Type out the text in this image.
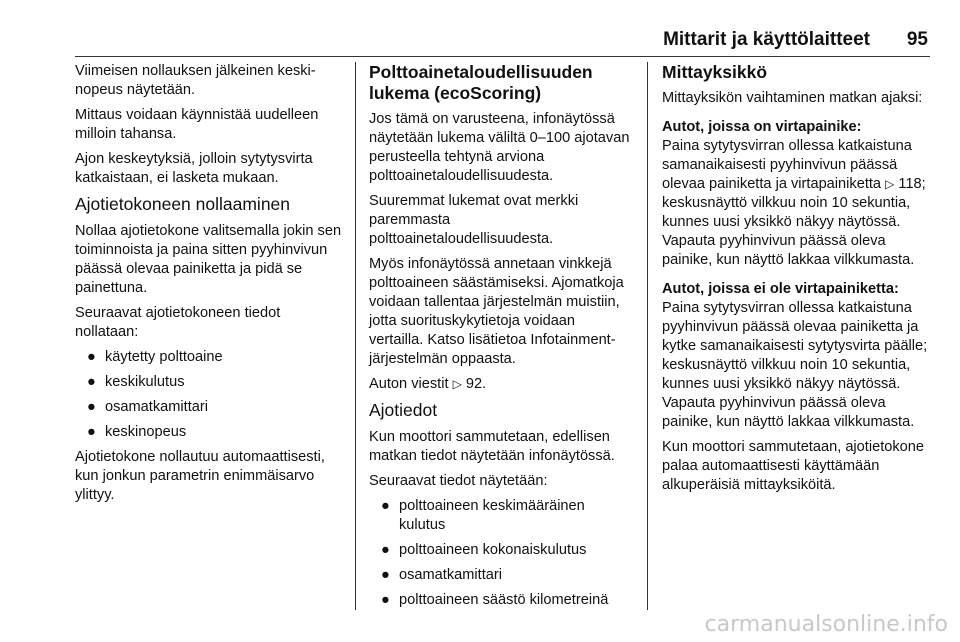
Mittarit ja käyttölaitteet 95

Viimeisen nollauksen jälkeinen keski-nopeus näytetään.

Mittaus voidaan käynnistää uudelleen milloin tahansa.

Ajon keskeytyksiä, jolloin sytytysvirta katkaistaan, ei lasketa mukaan.

Ajotietokoneen nollaaminen

Nollaa ajotietokone valitsemalla jokin sen toiminnoista ja paina sitten pyyhinvivun päässä olevaa painiketta ja pidä se painettuna.

Seuraavat ajotietokoneen tiedot nollataan:

● käytetty polttoaine
● keskikulutus
● osamatkamittari
● keskinopeus

Ajotietokone nollautuu automaattisesti, kun jonkun parametrin enimmäisarvo ylittyy.

Polttoainetaloudellisuuden lukema (ecoScoring)

Jos tämä on varusteena, infonäytössä näytetään lukema väliltä 0–100 ajotavan perusteella tehtynä arviona polttoainetaloudellisuudesta.

Suuremmat lukemat ovat merkki paremmasta polttoainetaloudellisuudesta.

Myös infonäytössä annetaan vinkkejä polttoaineen säästämiseksi. Ajomatkoja voidaan tallentaa järjestelmän muistiin, jotta suorituskykytietoja voidaan vertailla. Katso lisätietoa Infotainment-järjestelmän oppaasta.

Auton viestit ▷ 92.

Ajotiedot

Kun moottori sammutetaan, edellisen matkan tiedot näytetään infonäytössä.

Seuraavat tiedot näytetään:

● polttoaineen keskimääräinen kulutus
● polttoaineen kokonaiskulutus
● osamatkamittari
● polttoaineen säästö kilometreinä
Mittayksikkö

Mittayksikön vaihtaminen matkan ajaksi:

Autot, joissa on virtapainike:

Paina sytytysvirran ollessa katkaistuna samanaikaisesti pyyhinvivun päässä olevaa painiketta ja virtapainiketta ▷ 118; keskusnäyttö vilkkuu noin 10 sekuntia, kunnes uusi yksikkö näkyy näytössä. Vapauta pyyhinvivun päässä oleva painike, kun näyttö lakkaa vilkkumasta.

Autot, joissa ei ole virtapainiketta:

Paina sytytysvirran ollessa katkaistuna pyyhinvivun päässä olevaa painiketta ja kytke samanaikaisesti sytytysvirta päälle; keskusnäyttö vilkkuu noin 10 sekuntia, kunnes uusi yksikkö näkyy näytössä. Vapauta pyyhinvivun päässä oleva painike, kun näyttö lakkaa vilkkumasta.

Kun moottori sammutetaan, ajotietokone palaa automaattisesti käyttämään alkuperäisiä mittayksiköitä.

carmanualsonline.info
